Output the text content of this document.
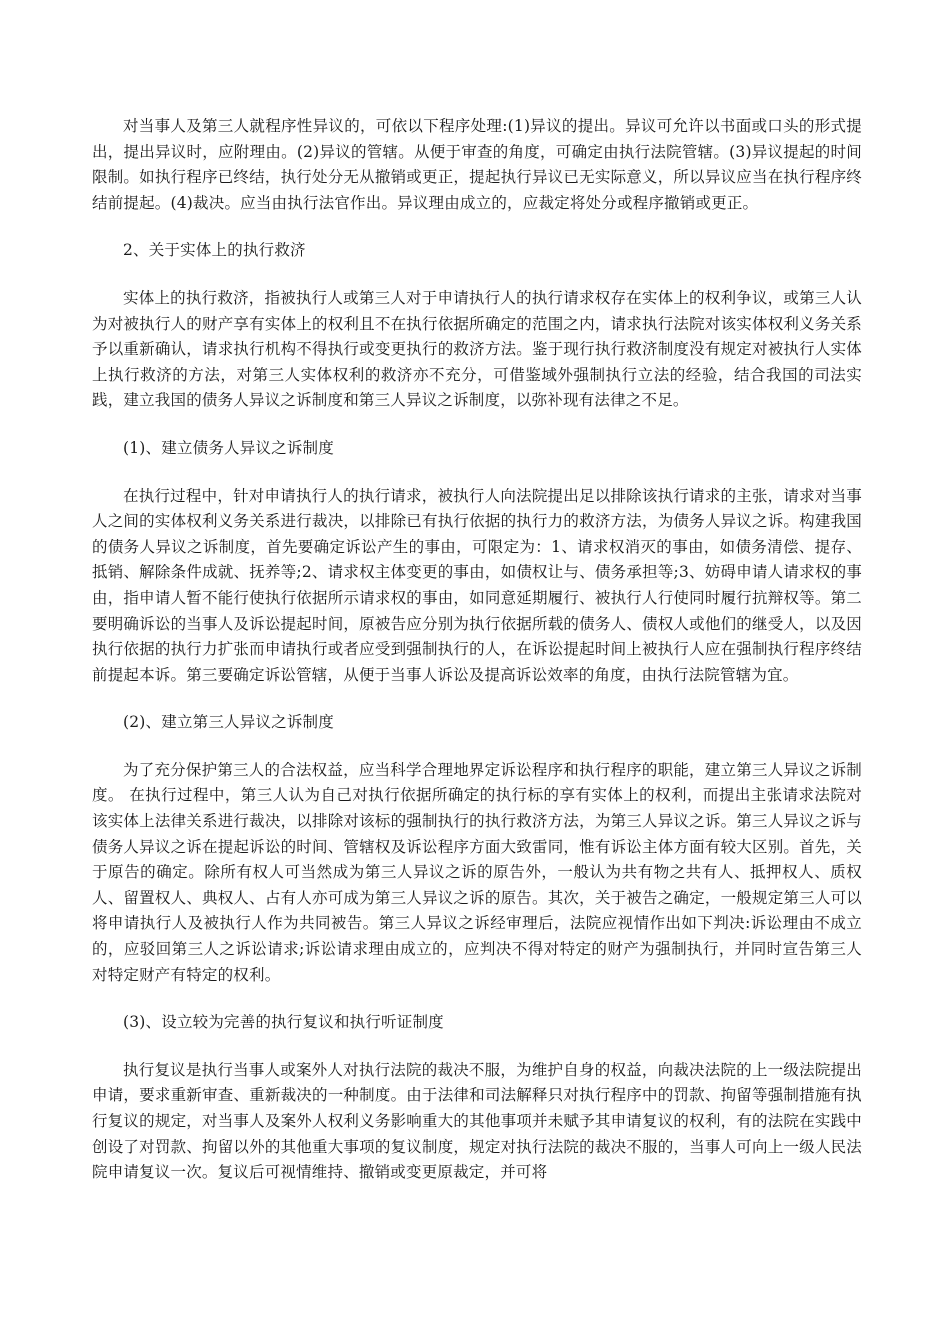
对当事人及第三人就程序性异议的，可依以下程序处理:(1)异议的提出。异议可允许以书面或口头的形式提出，提出异议时，应附理由。(2)异议的管辖。从便于审查的角度，可确定由执行法院管辖。(3)异议提起的时间限制。如执行程序已终结，执行处分无从撤销或更正，提起执行异议已无实际意义，所以异议应当在执行程序终结前提起。(4)裁决。应当由执行法官作出。异议理由成立的，应裁定将处分或程序撤销或更正。

2、关于实体上的执行救济

实体上的执行救济，指被执行人或第三人对于申请执行人的执行请求权存在实体上的权利争议，或第三人认为对被执行人的财产享有实体上的权利且不在执行依据所确定的范围之内，请求执行法院对该实体权利义务关系予以重新确认，请求执行机构不得执行或变更执行的救济方法。鉴于现行执行救济制度没有规定对被执行人实体上执行救济的方法，对第三人实体权利的救济亦不充分，可借鉴域外强制执行立法的经验，结合我国的司法实践，建立我国的债务人异议之诉制度和第三人异议之诉制度，以弥补现有法律之不足。

(1)、建立债务人异议之诉制度

在执行过程中，针对申请执行人的执行请求，被执行人向法院提出足以排除该执行请求的主张，请求对当事人之间的实体权利义务关系进行裁决，以排除已有执行依据的执行力的救济方法，为债务人异议之诉。构建我国的债务人异议之诉制度，首先要确定诉讼产生的事由，可限定为：1、请求权消灭的事由，如债务清偿、提存、抵销、解除条件成就、抚养等;2、请求权主体变更的事由，如债权让与、债务承担等;3、妨碍申请人请求权的事由，指申请人暂不能行使执行依据所示请求权的事由，如同意延期履行、被执行人行使同时履行抗辩权等。第二要明确诉讼的当事人及诉讼提起时间，原被告应分别为执行依据所载的债务人、债权人或他们的继受人，以及因执行依据的执行力扩张而申请执行或者应受到强制执行的人，在诉讼提起时间上被执行人应在强制执行程序终结前提起本诉。第三要确定诉讼管辖，从便于当事人诉讼及提高诉讼效率的角度，由执行法院管辖为宜。

(2)、建立第三人异议之诉制度

为了充分保护第三人的合法权益，应当科学合理地界定诉讼程序和执行程序的职能，建立第三人异议之诉制度。 在执行过程中，第三人认为自己对执行依据所确定的执行标的享有实体上的权利，而提出主张请求法院对该实体上法律关系进行裁决，以排除对该标的强制执行的执行救济方法，为第三人异议之诉。第三人异议之诉与债务人异议之诉在提起诉讼的时间、管辖权及诉讼程序方面大致雷同，惟有诉讼主体方面有较大区别。首先，关于原告的确定。除所有权人可当然成为第三人异议之诉的原告外，一般认为共有物之共有人、抵押权人、质权人、留置权人、典权人、占有人亦可成为第三人异议之诉的原告。其次，关于被告之确定，一般规定第三人可以将申请执行人及被执行人作为共同被告。第三人异议之诉经审理后，法院应视情作出如下判决:诉讼理由不成立的，应驳回第三人之诉讼请求;诉讼请求理由成立的，应判决不得对特定的财产为强制执行，并同时宣告第三人对特定财产有特定的权利。

(3)、设立较为完善的执行复议和执行听证制度

执行复议是执行当事人或案外人对执行法院的裁决不服，为维护自身的权益，向裁决法院的上一级法院提出申请，要求重新审查、重新裁决的一种制度。由于法律和司法解释只对执行程序中的罚款、拘留等强制措施有执行复议的规定，对当事人及案外人权利义务影响重大的其他事项并未赋予其申请复议的权利，有的法院在实践中创设了对罚款、拘留以外的其他重大事项的复议制度，规定对执行法院的裁决不服的，当事人可向上一级人民法院申请复议一次。复议后可视情维持、撤销或变更原裁定，并可将
